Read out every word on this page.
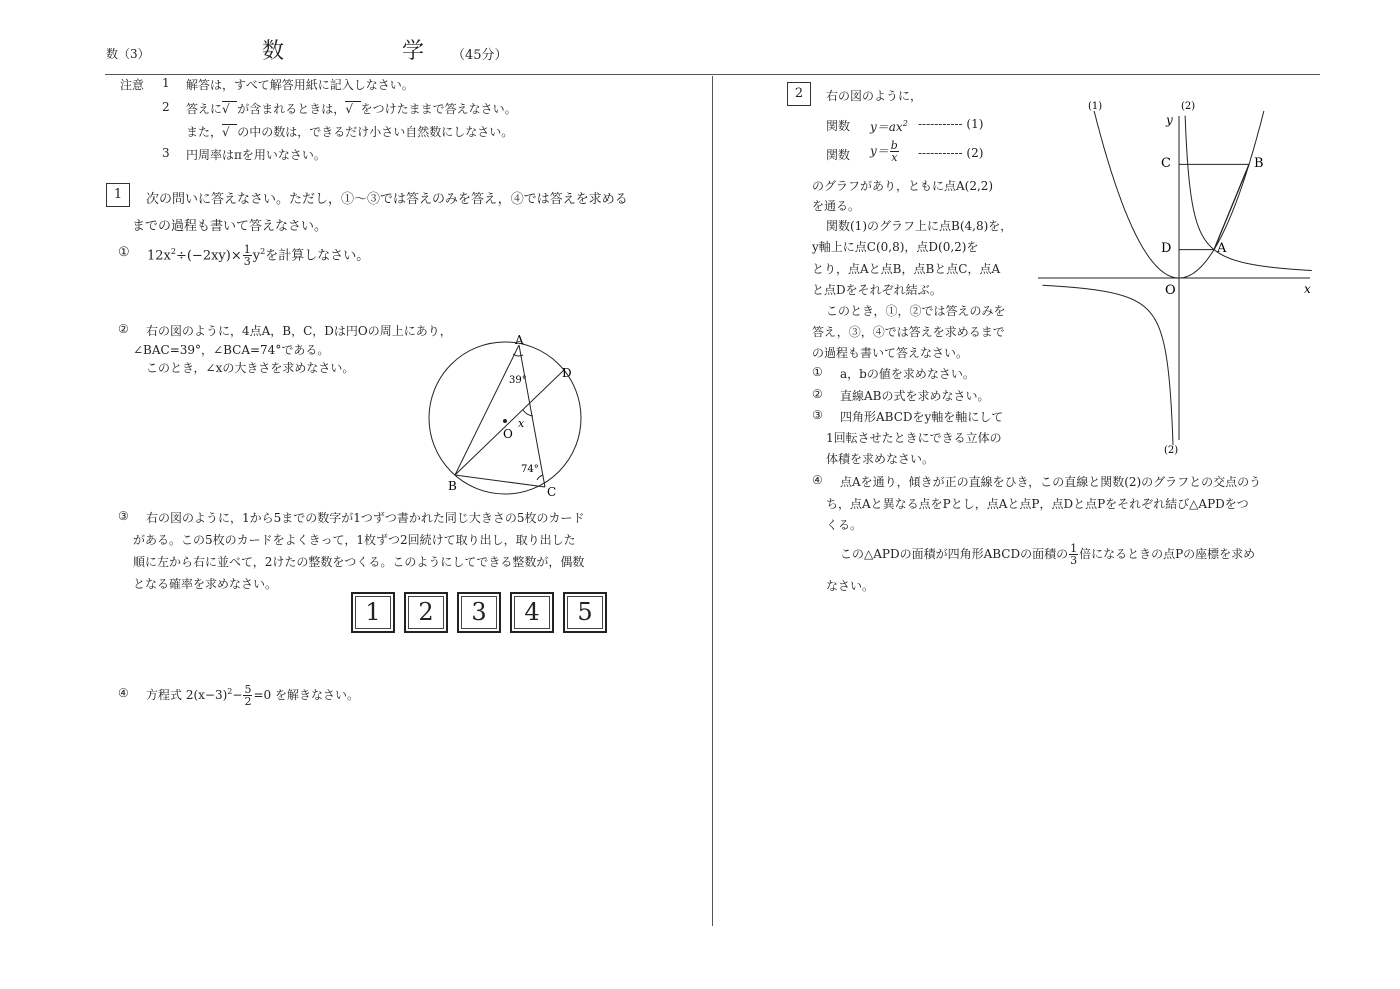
数（3）	数	学 （45分）
注意 1 解答は，すべて解答用紙に記入しなさい。
2 答えに√  が含まれるときは，√  をつけたままで答えなさい。
また，√  の中の数は，できるだけ小さい自然数にしなさい。
3 円周率はπを用いなさい。
1	次の問いに答えなさい。ただし，①～③では答えのみを答え，④では答えを求める
までの過程も書いて答えなさい。
① $12x^2\div(-2xy)\times \frac{1}{3} y^2$を計算しなさい。
② 右の図のように，4点A，B，C，Dは円Oの周上にあり，
∠BAC=39°，∠BCA=74°である。
このとき，∠xの大きさを求めなさい。
A
D
B	C
O
x
39°
74°
③ 右の図のように，1から5までの数字が1つずつ書かれた同じ大きさの5枚のカード
がある。この5枚のカードをよくきって，1枚ずつ2回続けて取り出し，取り出した
順に左から右に並べて，2けたの整数をつくる。このようにしてできる整数が，偶数
となる確率を求めなさい。
1	2	3	4	5
④ 方程式 $2(x-3)^2- \frac{5}{2} =0$ を解きなさい。
2	右の図のように，
関数 $y=ax^2$ ----------- (1)
関数 $y= \frac{b}{x}$ ----------- (2)
のグラフがあり，ともに点A(2,2)
を通る。
関数(1)のグラフ上に点B(4,8)を，
y軸上に点C(0,8)，点D(0,2)を
とり，点Aと点B，点Bと点C，点A
と点Dをそれぞれ結ぶ。
このとき，①，②では答えのみを
答え，③，④では答えを求めるまで
の過程も書いて答えなさい。
① a，bの値を求めなさい。
② 直線ABの式を求めなさい。
③ 四角形ABCDをy軸を軸にして
1回転させたときにできる立体の
体積を求めなさい。
④ 点Aを通り，傾きが正の直線をひき，この直線と関数(2)のグラフとの交点のう
ち，点Aと異なる点をPとし，点Aと点P，点Dと点Pをそれぞれ結び△APDをつ
くる。
この△APDの面積が四角形ABCDの面積の $\frac{1}{3}$ 倍になるときの点Pの座標を求め
なさい。
(1)	(2)
(2)
y
x
O
C
D
B
A
